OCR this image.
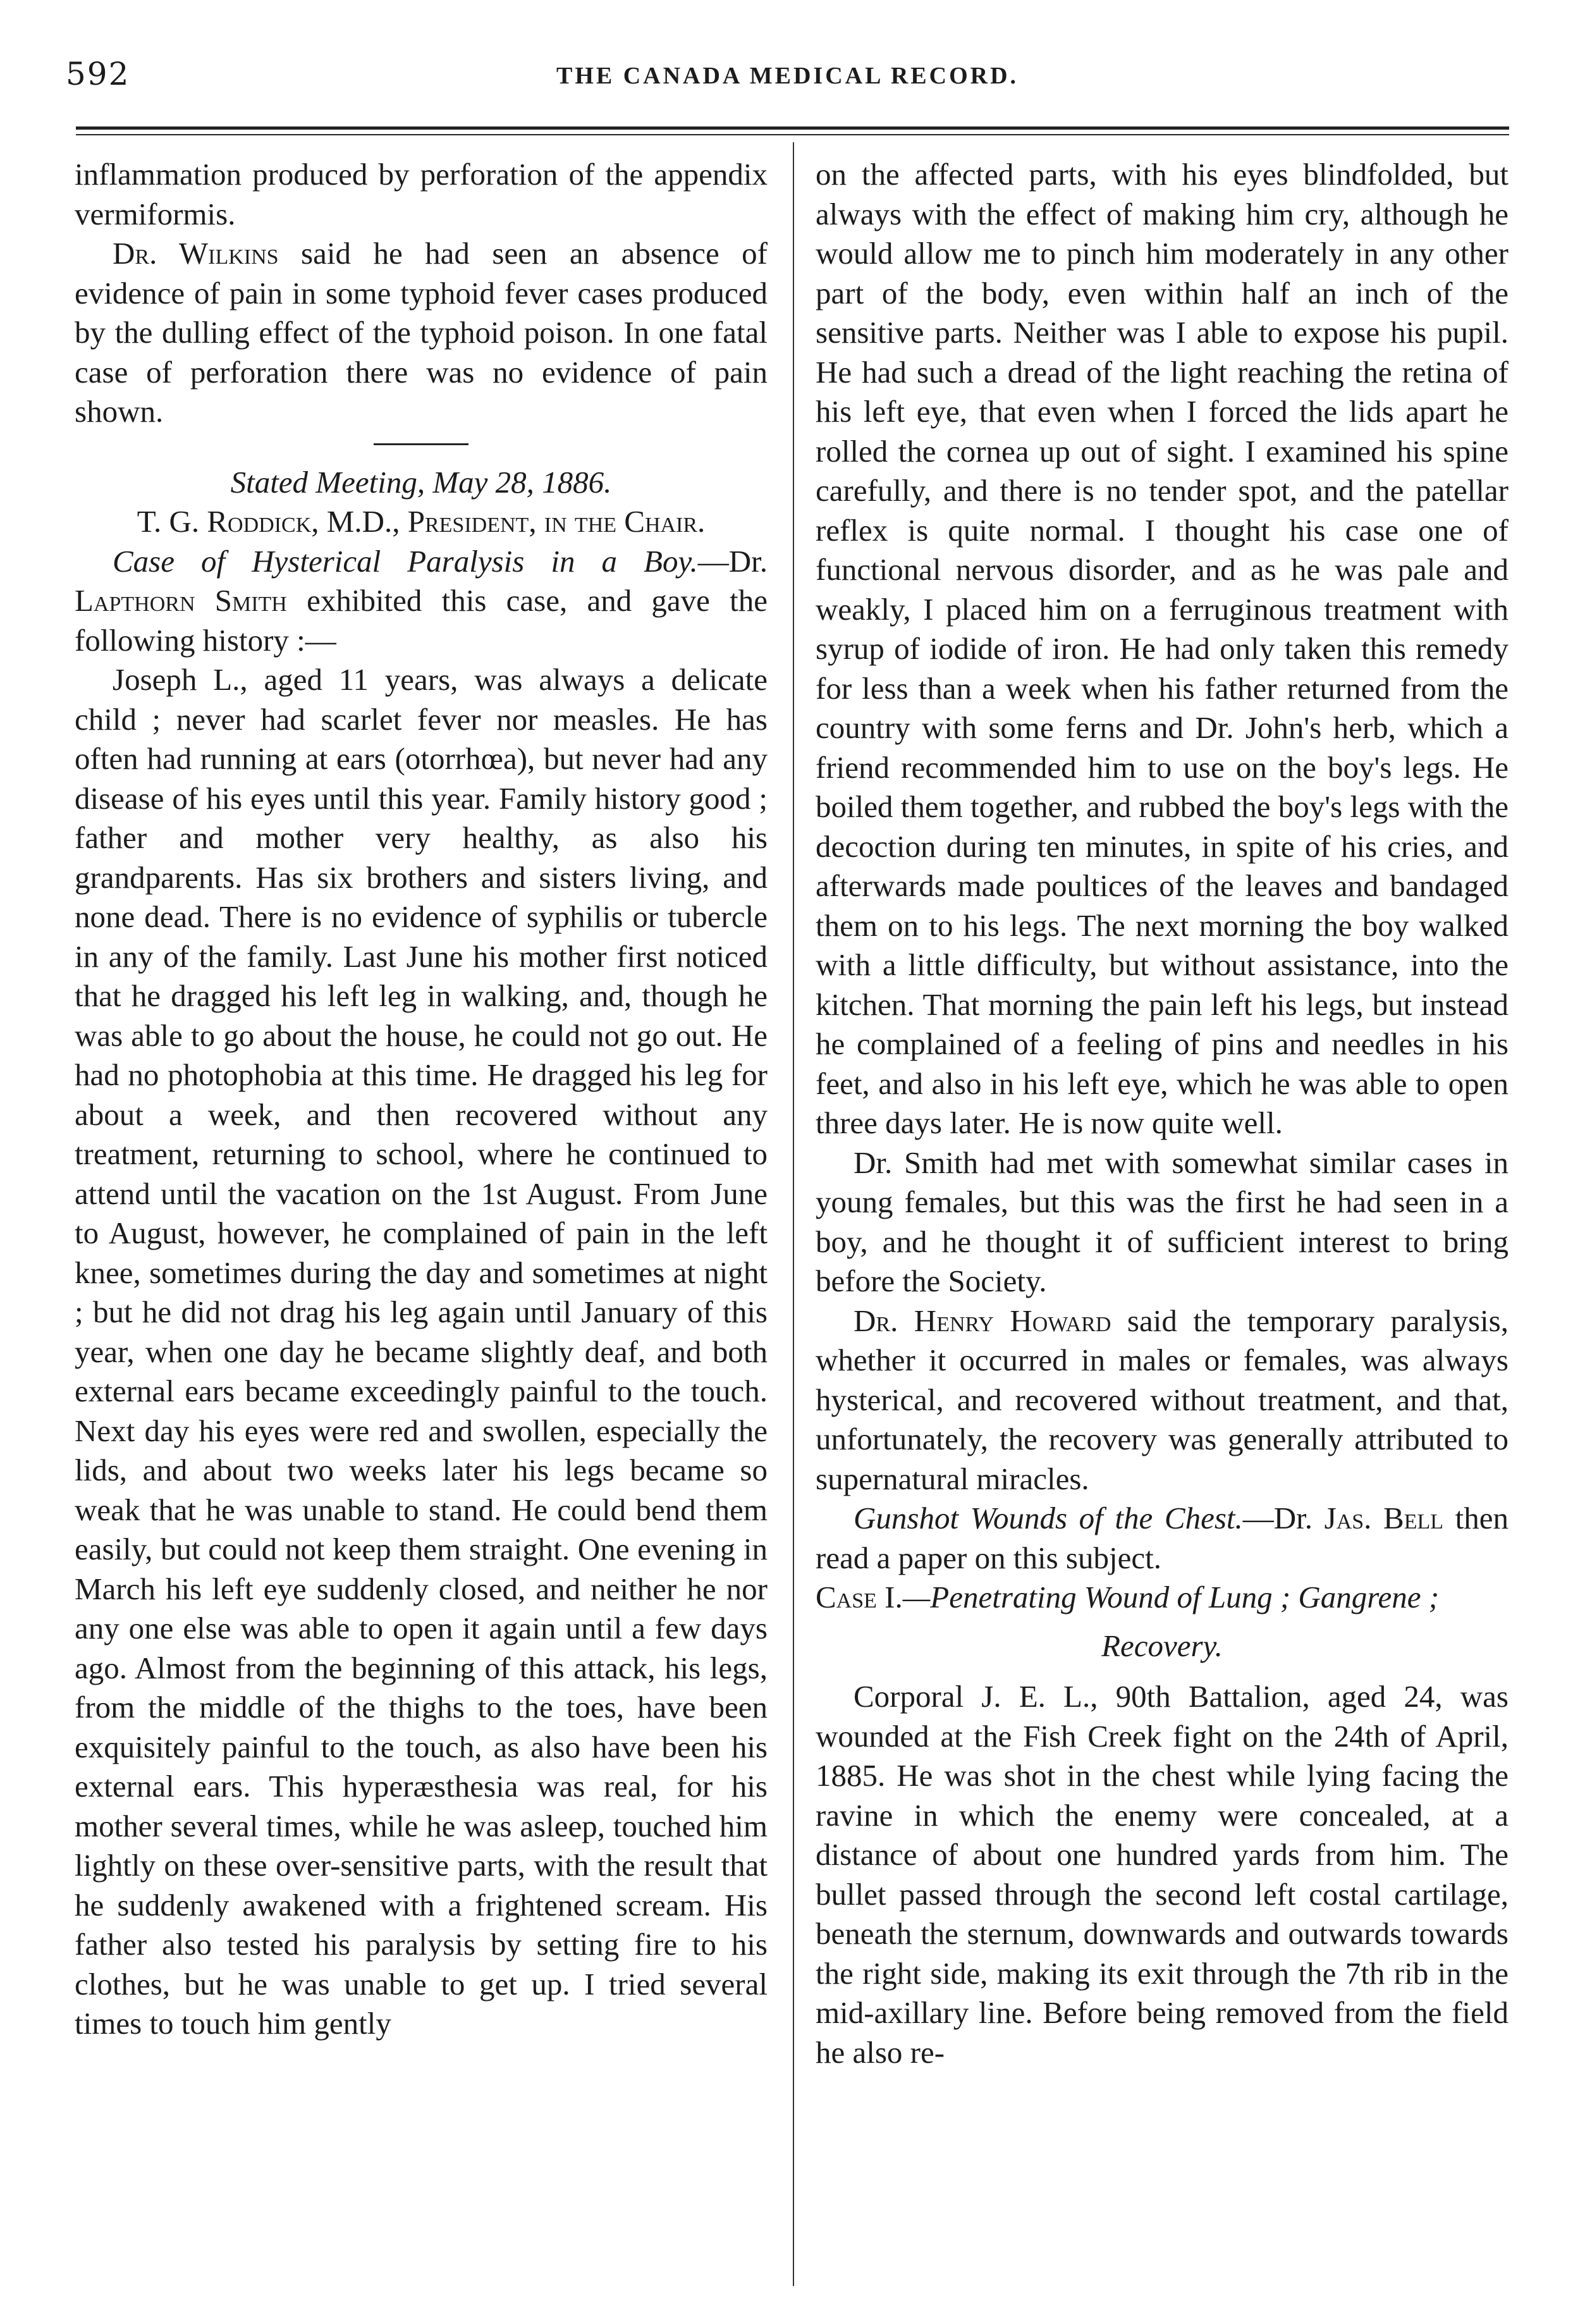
592	THE CANADA MEDICAL RECORD.

inflammation produced by perforation of the appendix vermiformis.

Dr. Wilkins said he had seen an absence of evidence of pain in some typhoid fever cases produced by the dulling effect of the typhoid poison. In one fatal case of perforation there was no evidence of pain shown.

Stated Meeting, May 28, 1886.

T. G. Roddick, M.D., President, in the Chair.

Case of Hysterical Paralysis in a Boy.—Dr. Lapthorn Smith exhibited this case, and gave the following history :—

Joseph L., aged 11 years, was always a delicate child ; never had scarlet fever nor measles. He has often had running at ears (otorrhœa), but never had any disease of his eyes until this year. Family history good ; father and mother very healthy, as also his grandparents. Has six brothers and sisters living, and none dead. There is no evidence of syphilis or tubercle in any of the family. Last June his mother first noticed that he dragged his left leg in walking, and, though he was able to go about the house, he could not go out. He had no photophobia at this time. He dragged his leg for about a week, and then recovered without any treatment, returning to school, where he continued to attend until the vacation on the 1st August. From June to August, however, he complained of pain in the left knee, sometimes during the day and sometimes at night ; but he did not drag his leg again until January of this year, when one day he became slightly deaf, and both external ears became exceedingly painful to the touch. Next day his eyes were red and swollen, especially the lids, and about two weeks later his legs became so weak that he was unable to stand. He could bend them easily, but could not keep them straight. One evening in March his left eye suddenly closed, and neither he nor any one else was able to open it again until a few days ago. Almost from the beginning of this attack, his legs, from the middle of the thighs to the toes, have been exquisitely painful to the touch, as also have been his external ears. This hyperæsthesia was real, for his mother several times, while he was asleep, touched him lightly on these over-sensitive parts, with the result that he suddenly awakened with a frightened scream. His father also tested his paralysis by setting fire to his clothes, but he was unable to get up. I tried several times to touch him gently

on the affected parts, with his eyes blindfolded, but always with the effect of making him cry, although he would allow me to pinch him moderately in any other part of the body, even within half an inch of the sensitive parts. Neither was I able to expose his pupil. He had such a dread of the light reaching the retina of his left eye, that even when I forced the lids apart he rolled the cornea up out of sight. I examined his spine carefully, and there is no tender spot, and the patellar reflex is quite normal. I thought his case one of functional nervous disorder, and as he was pale and weakly, I placed him on a ferruginous treatment with syrup of iodide of iron. He had only taken this remedy for less than a week when his father returned from the country with some ferns and Dr. John's herb, which a friend recommended him to use on the boy's legs. He boiled them together, and rubbed the boy's legs with the decoction during ten minutes, in spite of his cries, and afterwards made poultices of the leaves and bandaged them on to his legs. The next morning the boy walked with a little difficulty, but without assistance, into the kitchen. That morning the pain left his legs, but instead he complained of a feeling of pins and needles in his feet, and also in his left eye, which he was able to open three days later. He is now quite well.

Dr. Smith had met with somewhat similar cases in young females, but this was the first he had seen in a boy, and he thought it of sufficient interest to bring before the Society.

Dr. Henry Howard said the temporary paralysis, whether it occurred in males or females, was always hysterical, and recovered without treatment, and that, unfortunately, the recovery was generally attributed to supernatural miracles.

Gunshot Wounds of the Chest.—Dr. Jas. Bell then read a paper on this subject.

Case I.—Penetrating Wound of Lung ; Gangrene ;

Recovery.

Corporal J. E. L., 90th Battalion, aged 24, was wounded at the Fish Creek fight on the 24th of April, 1885. He was shot in the chest while lying facing the ravine in which the enemy were concealed, at a distance of about one hundred yards from him. The bullet passed through the second left costal cartilage, beneath the sternum, downwards and outwards towards the right side, making its exit through the 7th rib in the mid-axillary line. Before being removed from the field he also re-
